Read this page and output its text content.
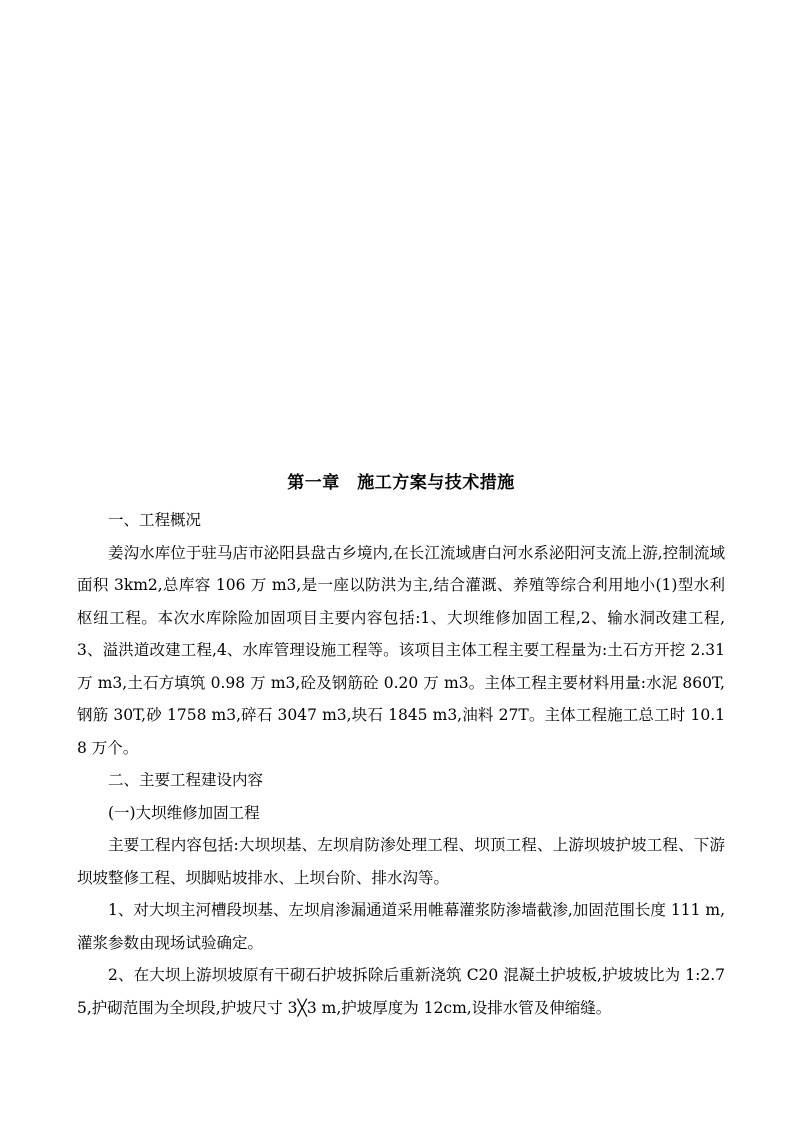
第一章　施工方案与技术措施

一、工程概况

姜沟水库位于驻马店市泌阳县盘古乡境内,在长江流域唐白河水系泌阳河支流上游,控制流域面积 3km2,总库容 106 万 m3,是一座以防洪为主,结合灌溉、养殖等综合利用地小(1)型水利枢纽工程。本次水库除险加固项目主要内容包括:1、大坝维修加固工程,2、输水洞改建工程,3、溢洪道改建工程,4、水库管理设施工程等。该项目主体工程主要工程量为:土石方开挖 2.31 万 m3,土石方填筑 0.98 万 m3,砼及钢筋砼 0.20 万 m3。主体工程主要材料用量:水泥 860T,钢筋 30T,砂 1758 m3,碎石 3047 m3,块石 1845 m3,油料 27T。主体工程施工总工时 10.18 万个。

二、主要工程建设内容

(一)大坝维修加固工程

主要工程内容包括:大坝坝基、左坝肩防渗处理工程、坝顶工程、上游坝坡护坡工程、下游坝坡整修工程、坝脚贴坡排水、上坝台阶、排水沟等。

1、对大坝主河槽段坝基、左坝肩渗漏通道采用帷幕灌浆防渗墙截渗,加固范围长度 111 m,灌浆参数由现场试验确定。

2、在大坝上游坝坡原有干砌石护坡拆除后重新浇筑 C20 混凝土护坡板,护坡坡比为 1:2.75,护砌范围为全坝段,护坡尺寸 3╳3 m,护坡厚度为 12cm,设排水管及伸缩缝。
